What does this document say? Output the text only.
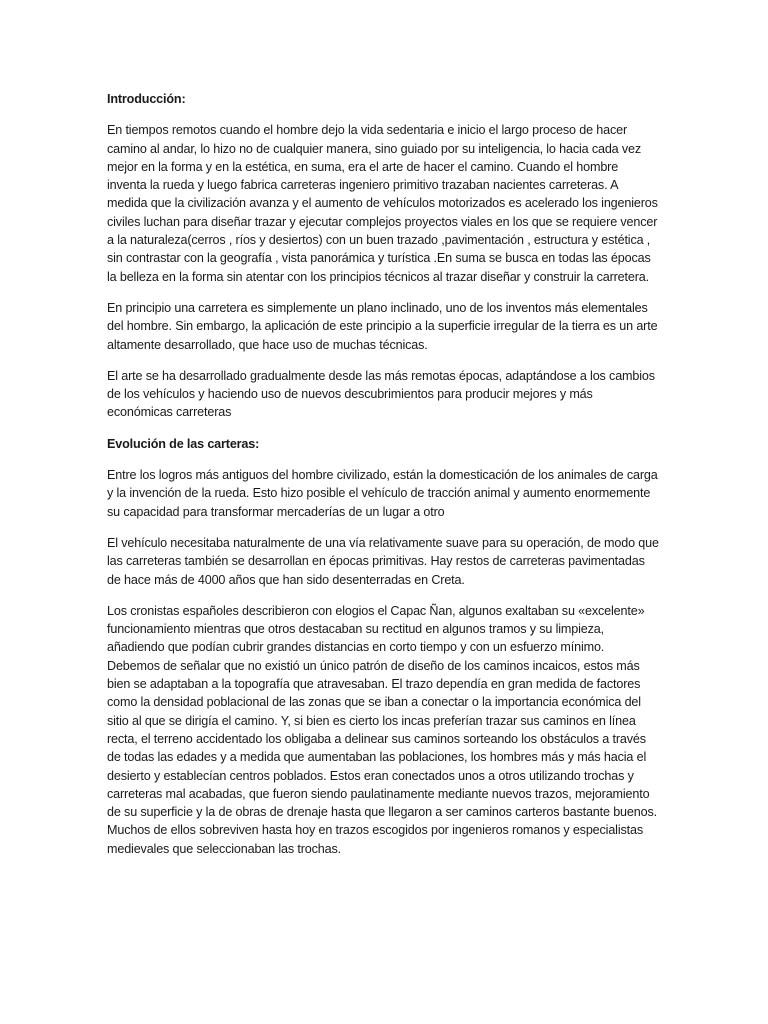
Introducción:

En tiempos remotos cuando el hombre dejo la vida sedentaria e inicio el largo proceso de hacer camino al andar, lo hizo no de cualquier manera, sino guiado por su inteligencia, lo hacia cada vez mejor en la forma y en la estética, en suma, era el arte de hacer el camino. Cuando el hombre inventa la rueda y luego fabrica carreteras ingeniero primitivo trazaban nacientes carreteras. A medida que la civilización avanza y el aumento de vehículos motorizados es acelerado los ingenieros civiles luchan para diseñar trazar y ejecutar complejos proyectos viales en los que se requiere vencer a la naturaleza(cerros , ríos y desiertos) con un buen trazado ,pavimentación , estructura y estética , sin contrastar con la geografía , vista panorámica y turística .En suma se busca en todas las épocas la belleza en la forma sin atentar con los principios técnicos al trazar diseñar y construir la carretera.

En principio una carretera es simplemente un plano inclinado, uno de los inventos más elementales del hombre. Sin embargo, la aplicación de este principio a la superficie irregular de la tierra es un arte altamente desarrollado, que hace uso de muchas técnicas.

El arte se ha desarrollado gradualmente desde las más remotas épocas, adaptándose a los cambios de los vehículos y haciendo uso de nuevos descubrimientos para producir mejores y más económicas carreteras

Evolución de las carteras:

Entre los logros más antiguos del hombre civilizado, están la domesticación de los animales de carga y la invención de la rueda. Esto hizo posible el vehículo de tracción animal y aumento enormemente su capacidad para transformar mercaderías de un lugar a otro

El vehículo necesitaba naturalmente de una vía relativamente suave para su operación, de modo que las carreteras también se desarrollan en épocas primitivas. Hay restos de carreteras pavimentadas de hace más de 4000 años que han sido desenterradas en Creta.

Los cronistas españoles describieron con elogios el Capac Ñan, algunos exaltaban su «excelente» funcionamiento mientras que otros destacaban su rectitud en algunos tramos y su limpieza, añadiendo que podían cubrir grandes distancias en corto tiempo y con un esfuerzo mínimo. Debemos de señalar que no existió un único patrón de diseño de los caminos incaicos, estos más bien se adaptaban a la topografía que atravesaban. El trazo dependía en gran medida de factores como la densidad poblacional de las zonas que se iban a conectar o la importancia económica del sitio al que se dirigía el camino. Y, si bien es cierto los incas preferían trazar sus caminos en línea recta, el terreno accidentado los obligaba a delinear sus caminos sorteando los obstáculos a través de todas las edades y a medida que aumentaban las poblaciones, los hombres más y más hacia el desierto y establecían centros poblados. Estos eran conectados unos a otros utilizando trochas y carreteras mal acabadas, que fueron siendo paulatinamente mediante nuevos trazos, mejoramiento de su superficie y la de obras de drenaje hasta que llegaron a ser caminos carteros bastante buenos. Muchos de ellos sobreviven hasta hoy en trazos escogidos por ingenieros romanos y especialistas medievales que seleccionaban las trochas.
